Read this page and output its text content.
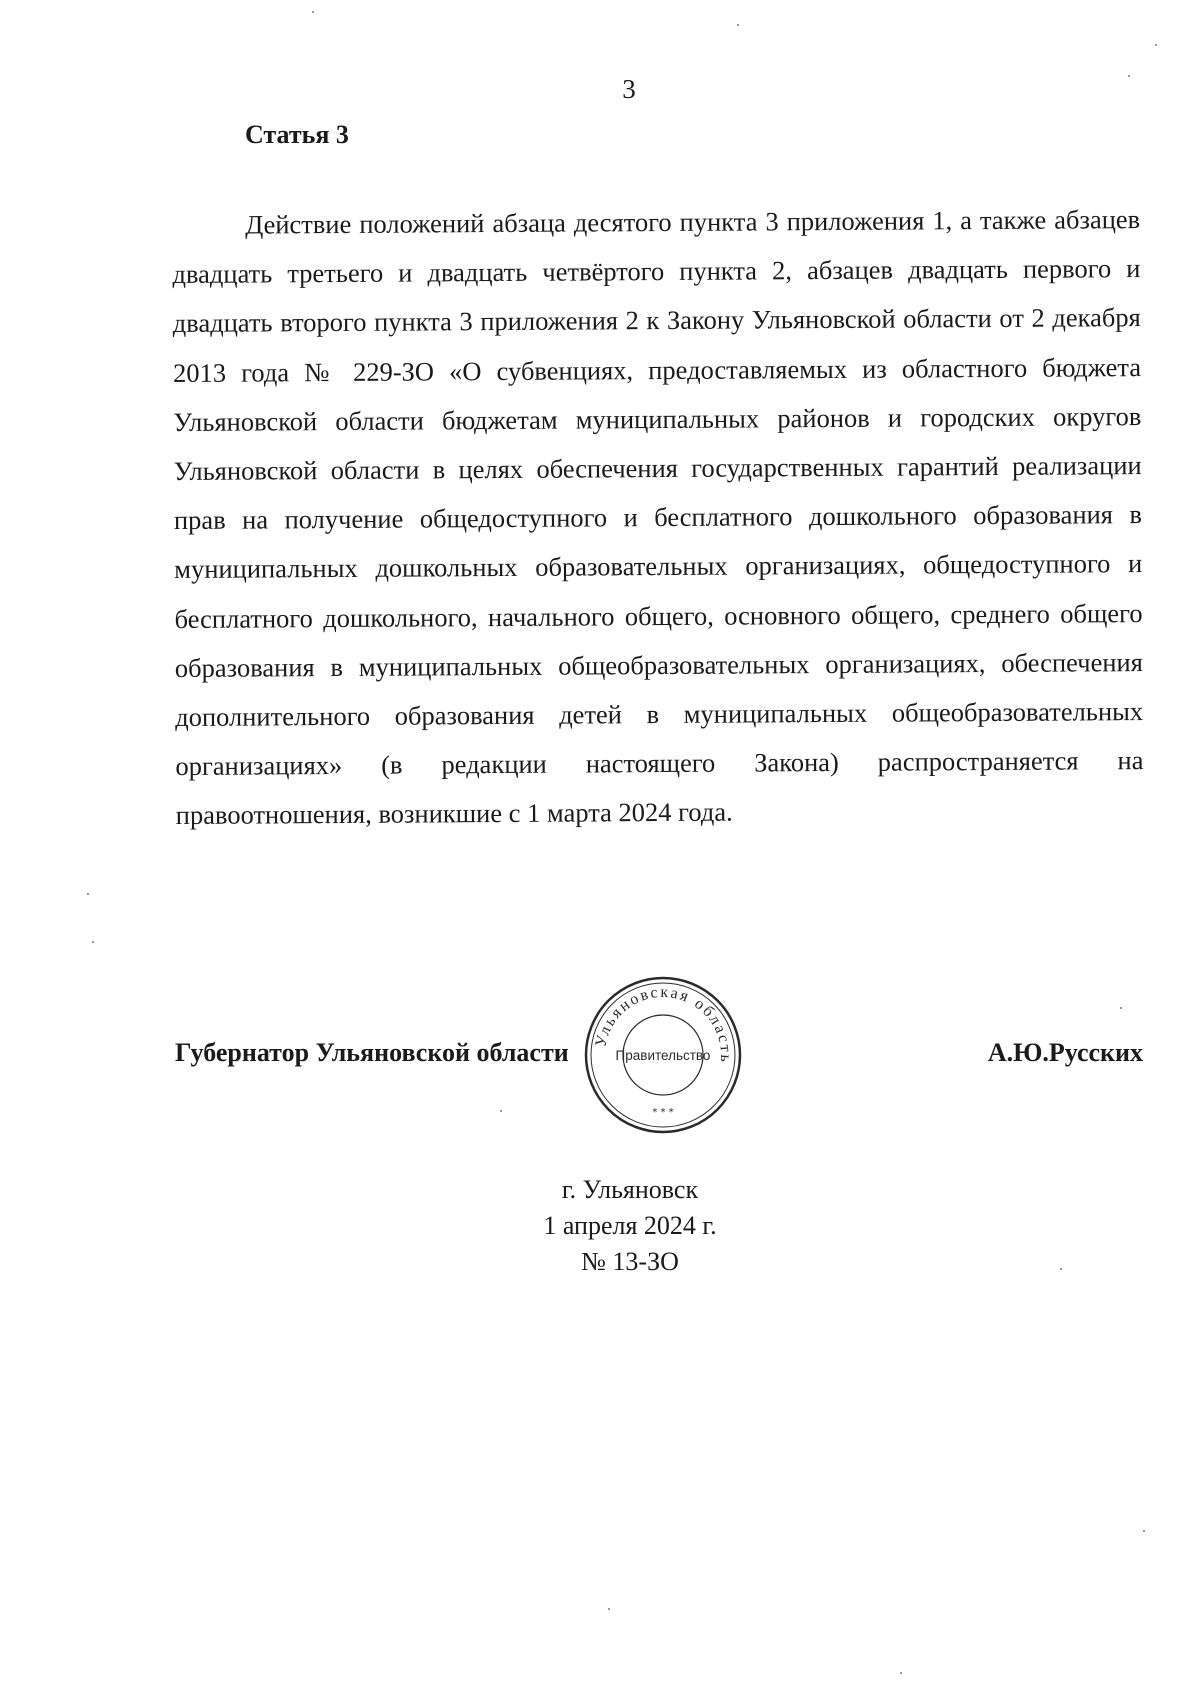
3
Статья 3

Действие положений абзаца десятого пункта 3 приложения 1, а также абзацев двадцать третьего и двадцать четвёртого пункта 2, абзацев двадцать первого и двадцать второго пункта 3 приложения 2 к Закону Ульяновской области от 2 декабря 2013 года № 229-ЗО «О субвенциях, предоставляемых из областного бюджета Ульяновской области бюджетам муниципальных районов и городских округов Ульяновской области в целях обеспечения государственных гарантий реализации прав на получение общедоступного и бесплатного дошкольного образования в муниципальных дошкольных образовательных организациях, общедоступного и бесплатного дошкольного, начального общего, основного общего, среднего общего образования в муниципальных общеобразовательных организациях, обеспечения дополнительного образования детей в муниципальных общеобразовательных организациях» (в редакции настоящего Закона) распространяется на правоотношения, возникшие с 1 марта 2024 года.

Губернатор Ульяновской области	А.Ю.Русских
Ульяновская область
Правительство
* * *
г. Ульяновск
1 апреля 2024 г.
№ 13-ЗО
